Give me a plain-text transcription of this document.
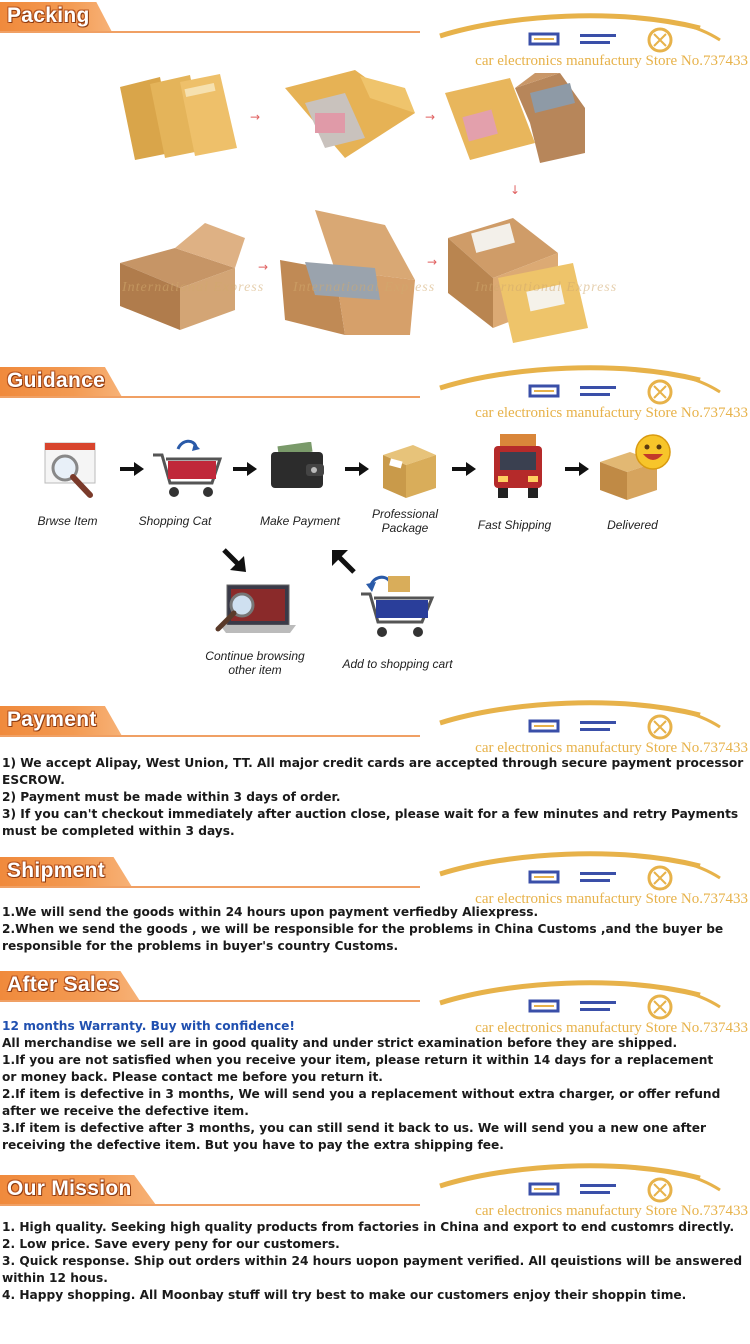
Packing
car electronics manufactury Store No.737433
→	→
↓
→	→
International Express International Express	International Express
Guidance
car electronics manufactury Store No.737433
Brwse Item	Shopping Cat	Make Payment	Professional Package	Fast Shipping	Delivered
Continue browsing other item	Add to shopping cart
Payment
car electronics manufactury Store No.737433

1) We accept Alipay, West Union, TT. All major credit cards are accepted through secure payment processor ESCROW.

2) Payment must be made within 3 days of order.

3) If you can't checkout immediately after auction close, please wait for a few minutes and retry Payments must be completed within 3 days.

Shipment
car electronics manufactury Store No.737433

1.We will send the goods within 24 hours upon payment verfiedby Aliexpress.

2.When we send the goods , we will be responsible for the problems in China Customs ,and the buyer be responsible for the problems in buyer's country Customs.

After Sales
car electronics manufactury Store No.737433

12 months Warranty. Buy with confidence!

All merchandise we sell are in good quality and under strict examination before they are shipped.

1.If you are not satisfied when you receive your item, please return it within 14 days for a replacement or money back. Please contact me before you return it.

2.If item is defective in 3 months, We will send you a replacement without extra charger, or offer refund after we receive the defective item.

3.If item is defective after 3 months, you can still send it back to us. We will send you a new one after receiving the defective item. But you have to pay the extra shipping fee.

Our Mission
car electronics manufactury Store No.737433

1. High quality. Seeking high quality products from factories in China and export to end customrs directly.

2. Low price. Save every peny for our customers.

3. Quick response. Ship out orders within 24 hours uopon payment verified. All qeuistions will be answered within 12 hous.

4. Happy shopping. All Moonbay stuff will try best to make our customers enjoy their shoppin time.
